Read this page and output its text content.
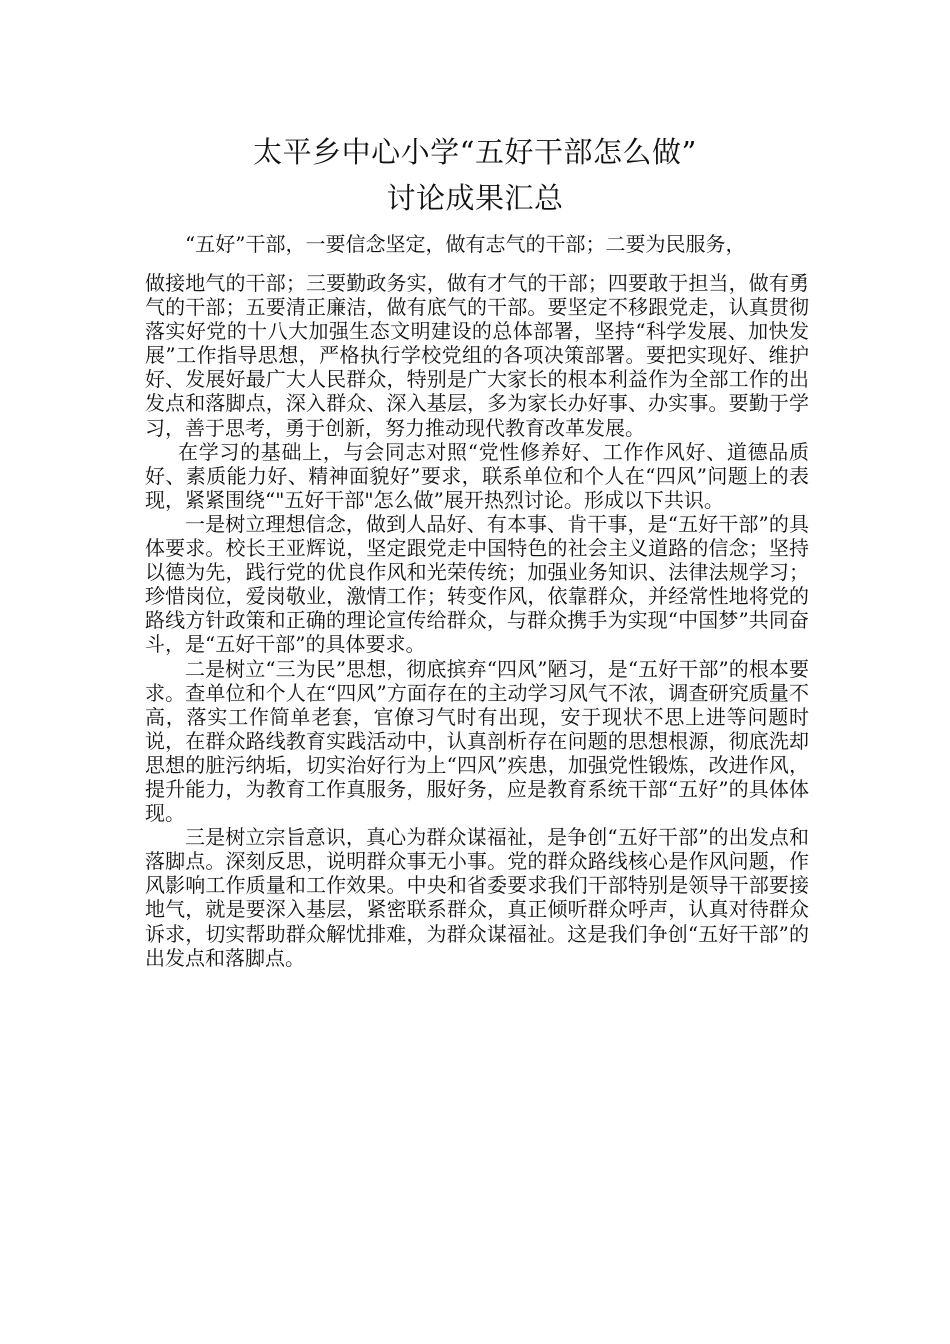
太平乡中心小学“五好干部怎么做”
讨论成果汇总

“五好”干部，一要信念坚定，做有志气的干部；二要为民服务，

做接地气的干部；三要勤政务实，做有才气的干部；四要敢于担当，做有勇气的干部；五要清正廉洁，做有底气的干部。要坚定不移跟党走，认真贯彻落实好党的十八大加强生态文明建设的总体部署，坚持“科学发展、加快发展”工作指导思想，严格执行学校党组的各项决策部署。要把实现好、维护好、发展好最广大人民群众，特别是广大家长的根本利益作为全部工作的出发点和落脚点，深入群众、深入基层，多为家长办好事、办实事。要勤于学习，善于思考，勇于创新，努力推动现代教育改革发展。

在学习的基础上，与会同志对照“党性修养好、工作作风好、道德品质好、素质能力好、精神面貌好”要求，联系单位和个人在“四风”问题上的表现，紧紧围绕“"五好干部"怎么做”展开热烈讨论。形成以下共识。

一是树立理想信念，做到人品好、有本事、肯干事，是“五好干部”的具体要求。校长王亚辉说，坚定跟党走中国特色的社会主义道路的信念；坚持以德为先，践行党的优良作风和光荣传统；加强业务知识、法律法规学习；珍惜岗位，爱岗敬业，激情工作；转变作风，依靠群众，并经常性地将党的路线方针政策和正确的理论宣传给群众，与群众携手为实现“中国梦”共同奋斗，是“五好干部”的具体要求。

二是树立“三为民”思想，彻底摈弃“四风”陋习，是“五好干部”的根本要求。查单位和个人在“四风”方面存在的主动学习风气不浓，调查研究质量不高，落实工作简单老套，官僚习气时有出现，安于现状不思上进等问题时说，在群众路线教育实践活动中，认真剖析存在问题的思想根源，彻底洗却思想的脏污纳垢，切实治好行为上“四风”疾患，加强党性锻炼，改进作风，提升能力，为教育工作真服务，服好务，应是教育系统干部“五好”的具体体现。

三是树立宗旨意识，真心为群众谋福祉，是争创“五好干部”的出发点和落脚点。深刻反思，说明群众事无小事。党的群众路线核心是作风问题，作风影响工作质量和工作效果。中央和省委要求我们干部特别是领导干部要接地气，就是要深入基层，紧密联系群众，真正倾听群众呼声，认真对待群众诉求，切实帮助群众解忧排难，为群众谋福祉。这是我们争创“五好干部”的出发点和落脚点。
